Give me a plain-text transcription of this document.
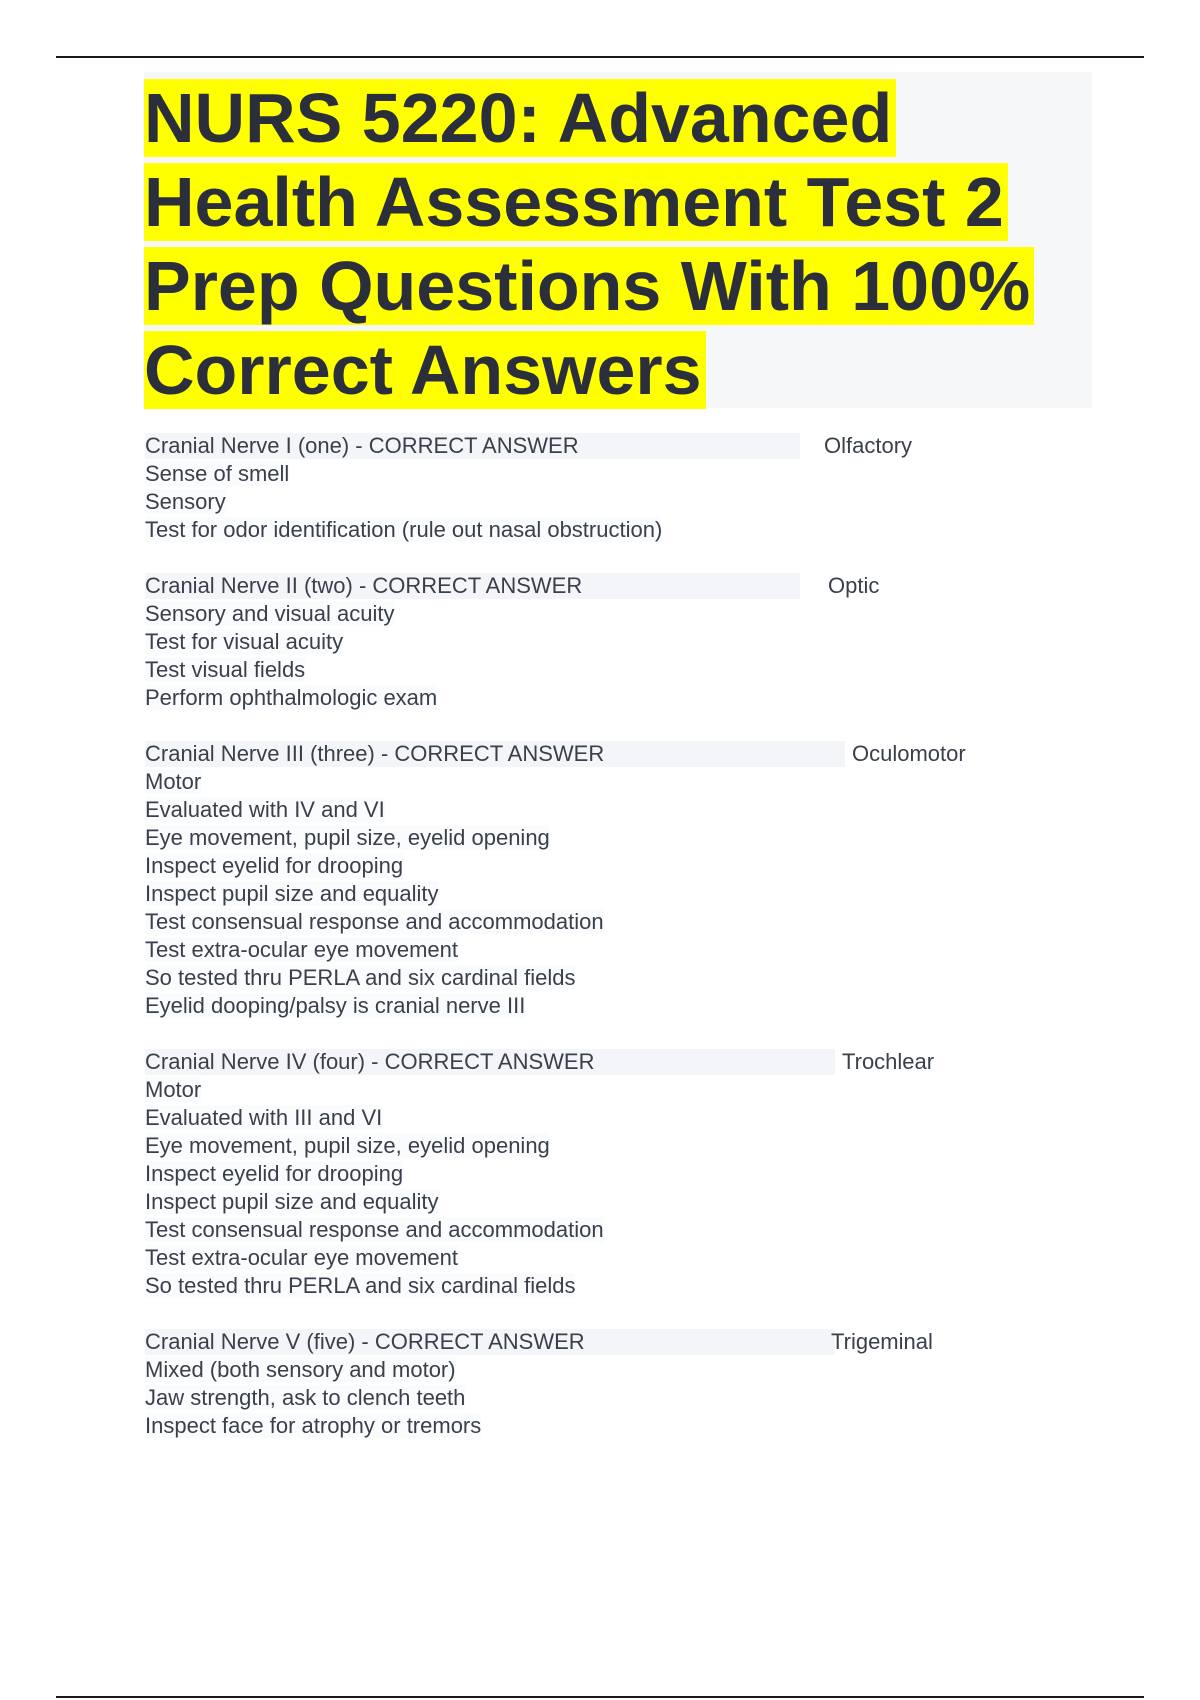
NURS 5220: Advanced Health Assessment Test 2 Prep Questions With 100% Correct Answers
Cranial Nerve I (one) - CORRECT ANSWER	Olfactory
Sense of smell
Sensory
Test for odor identification (rule out nasal obstruction)
Cranial Nerve II (two) - CORRECT ANSWER	Optic
Sensory and visual acuity
Test for visual acuity
Test visual fields
Perform ophthalmologic exam
Cranial Nerve III (three) - CORRECT ANSWER	Oculomotor
Motor
Evaluated with IV and VI
Eye movement, pupil size, eyelid opening
Inspect eyelid for drooping
Inspect pupil size and equality
Test consensual response and accommodation
Test extra-ocular eye movement
So tested thru PERLA and six cardinal fields
Eyelid dooping/palsy is cranial nerve III
Cranial Nerve IV (four) - CORRECT ANSWER	Trochlear
Motor
Evaluated with III and VI
Eye movement, pupil size, eyelid opening
Inspect eyelid for drooping
Inspect pupil size and equality
Test consensual response and accommodation
Test extra-ocular eye movement
So tested thru PERLA and six cardinal fields
Cranial Nerve V (five) - CORRECT ANSWER	Trigeminal
Mixed (both sensory and motor)
Jaw strength, ask to clench teeth
Inspect face for atrophy or tremors
